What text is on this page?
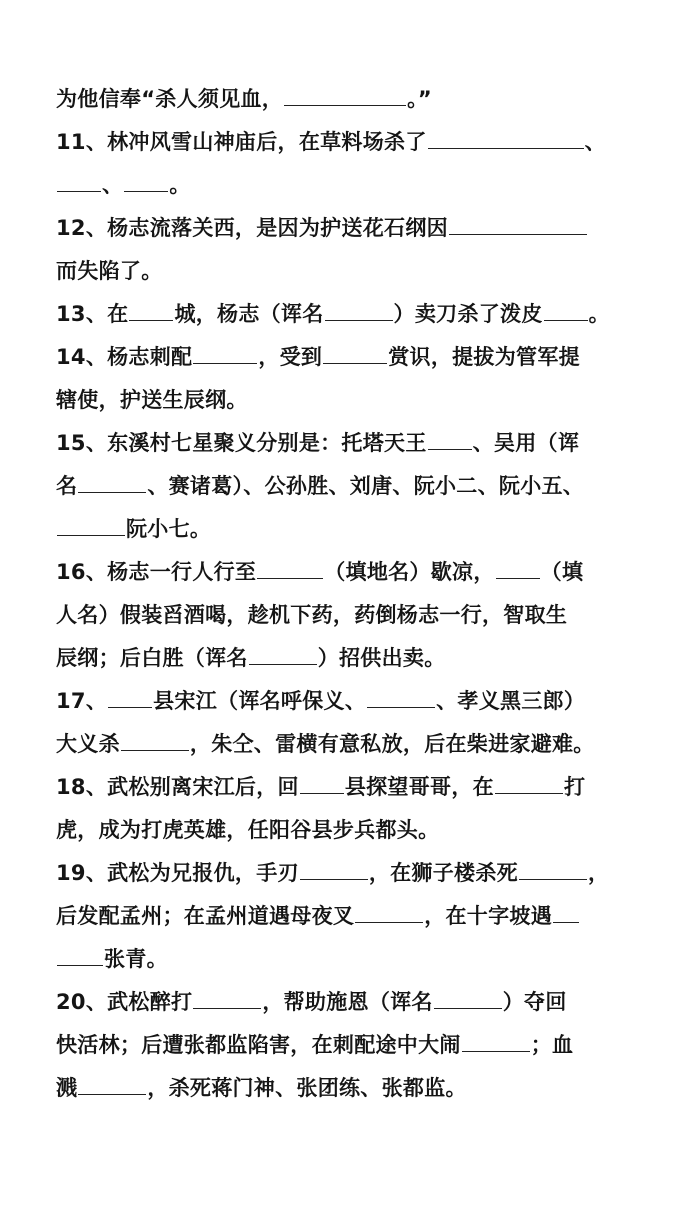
为他信奉“杀人须见血，	。”
11、林冲风雪山神庙后，在草料场杀了	、
、 。
12、杨志流落关西，是因为护送花石纲因
而失陷了。
13、在 城，杨志（诨名	）卖刀杀了泼皮 。
14、杨志刺配	，受到	赏识，提拔为管军提
辖使，护送生辰纲。
15、东溪村七星聚义分别是：托塔天王 、吴用（诨
名	、赛诸葛）、公孙胜、刘唐、阮小二、阮小五、
阮小七。
16、杨志一行人行至	（填地名）歇凉， （填
人名）假装舀酒喝，趁机下药，药倒杨志一行，智取生
辰纲；后白胜（诨名	）招供出卖。
17、 县宋江（诨名呼保义、	、孝义黑三郎）
大义杀	，朱仝、雷横有意私放，后在柴进家避难。
18、武松别离宋江后，回 县探望哥哥，在	打
虎，成为打虎英雄，任阳谷县步兵都头。
19、武松为兄报仇，手刃	，在狮子楼杀死	，
后发配孟州；在孟州道遇母夜叉	，在十字坡遇
张青。
20、武松醉打	，帮助施恩（诨名	）夺回
快活林；后遭张都监陷害，在刺配途中大闹	；血
溅	，杀死蒋门神、张团练、张都监。
